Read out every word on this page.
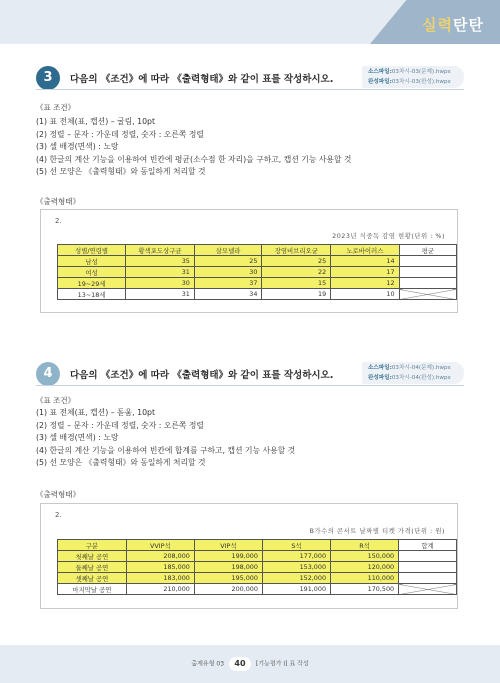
실력탄탄
3	다음의 《조건》에 따라 《출력형태》와 같이 표를 작성하시오.
소스파일:03차시-03(문제).hwpx
완성파일:03차시-03(완성).hwpx
《표 조건》
(1) 표 전체(표, 캡션) – 굴림, 10pt
(2) 정렬 – 문자 : 가운데 정렬, 숫자 : 오른쪽 정렬
(3) 셀 배경(면색) : 노랑
(4) 한글의 계산 기능을 이용하여 빈칸에 평균(소수점 한 자리)을 구하고, 캡션 기능 사용할 것
(5) 선 모양은 《출력형태》와 동일하게 처리할 것
《출력형태》
2.
2023년 식중독 감염 현황(단위 : %)
성별/연령별	황색포도상구균	살모넬라	장염비브리오균	노로바이러스	평균
남성	35	25	25	14	
여성	31	30	22	17	
19~29세	30	37	15	12	
13~18세	31	34	19	10	
4	다음의 《조건》에 따라 《출력형태》와 같이 표를 작성하시오.
소스파일:03차시-04(문제).hwpx
완성파일:03차시-04(완성).hwpx
《표 조건》
(1) 표 전체(표, 캡션) – 돋움, 10pt
(2) 정렬 – 문자 : 가운데 정렬, 숫자 : 오른쪽 정렬
(3) 셀 배경(면색) : 노랑
(4) 한글의 계산 기능을 이용하여 빈칸에 합계를 구하고, 캡션 기능 사용할 것
(5) 선 모양은 《출력형태》와 동일하게 처리할 것
《출력형태》
2.
B가수의 콘서트 날짜별 티켓 가격(단위 : 원)
구분	VVIP석	VIP석	S석	R석	합계
첫째날 공연	208,000	199,000	177,000	150,000	
둘째날 공연	185,000	198,000	153,000	120,000	
셋째날 공연	183,000	195,000	152,000	110,000	
마지막날 공연	210,000	200,000	191,000	170,500	
출제유형 03 40 [기능평가 Ⅰ] 표 작성
